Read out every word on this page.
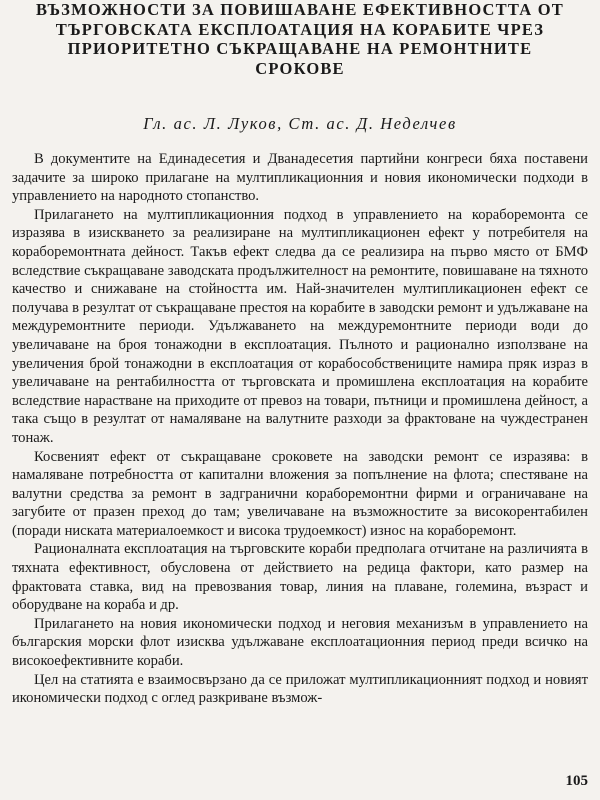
ВЪЗМОЖНОСТИ ЗА ПОВИШАВАНЕ ЕФЕКТИВНОСТТА ОТ
ТЪРГОВСКАТА ЕКСПЛОАТАЦИЯ НА КОРАБИТЕ ЧРЕЗ
ПРИОРИТЕТНО СЪКРАЩАВАНЕ НА РЕМОНТНИТЕ
СРОКОВЕ
Гл. ас. Л. Луков, Ст. ас. Д. Неделчев

В документите на Единадесетия и Дванадесетия партийни конгреси бяха поставени задачите за широко прилагане на мултипликационния и новия икономически подходи в управлението на народното стопанство.

Прилагането на мултипликационния подход в управлението на кораборемонта се изразява в изискването за реализиране на мултипликационен ефект у потребителя на кораборемонтната дейност. Такъв ефект следва да се реализира на първо място от БМФ вследствие съкращаване заводската продължителност на ремонтите, повишаване на тяхното качество и снижаване на стойността им. Най-значителен мултипликационен ефект се получава в резултат от съкращаване престоя на корабите в заводски ремонт и удължаване на междуремонтните периоди. Удължаването на междуремонтните периоди води до увеличаване на броя тонажодни в експлоатация. Пълното и рационално използване на увеличения брой тонажодни в експлоатация от корабособствениците намира пряк израз в увеличаване на рентабилността от търговската и промишлена експлоатация на корабите вследствие нарастване на приходите от превоз на товари, пътници и промишлена дейност, а така също в резултат от намаляване на валутните разходи за фрактоване на чуждестранен тонаж.

Косвеният ефект от съкращаване сроковете на заводски ремонт се изразява: в намаляване потребността от капитални вложения за попълнение на флота; спестяване на валутни средства за ремонт в задгранични кораборемонтни фирми и ограничаване на загубите от празен преход до там; увеличаване на възможностите за високорентабилен (поради ниската материалоемкост и висока трудоемкост) износ на кораборемонт.

Рационалната експлоатация на търговските кораби предполага отчитане на различията в тяхната ефективност, обусловена от действието на редица фактори, като размер на фрактовата ставка, вид на превозвания товар, линия на плаване, големина, възраст и оборудване на кораба и др.

Прилагането на новия икономически подход и неговия механизъм в управлението на българския морски флот изисква удължаване експлоатационния период преди всичко на високоефективните кораби.

Цел на статията е взаимосвързано да се приложат мултипликационният подход и новият икономически подход с оглед разкриване възмож-

105
